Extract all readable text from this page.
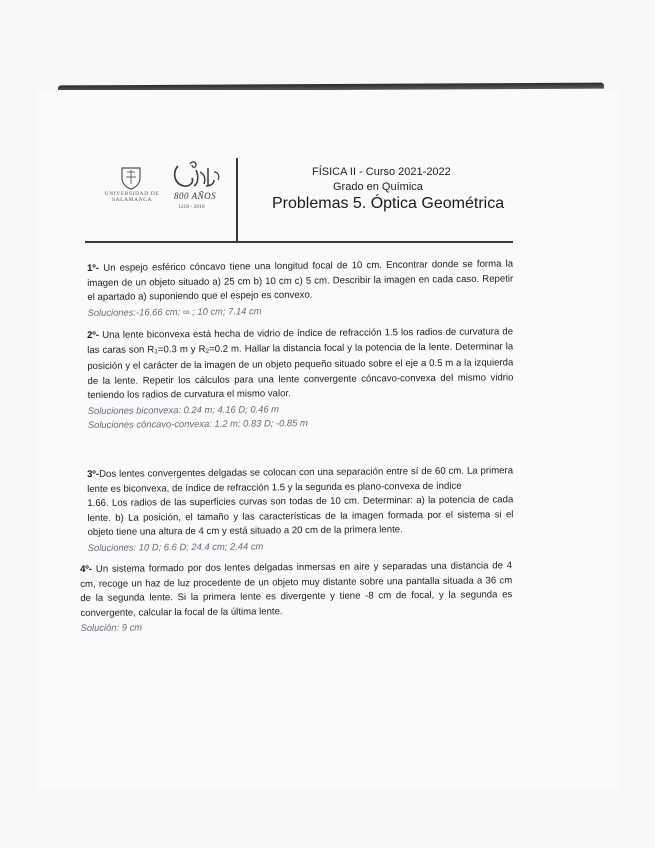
UNIVERSIDAD DE SALAMANCA	800 AÑOS
1218 - 2018
FÍSICA II - Curso 2021-2022
Grado en Química
Problemas 5. Óptica Geométrica

1º- Un espejo esférico cóncavo tiene una longitud focal de 10 cm. Encontrar donde se forma la imagen de un objeto situado a) 25 cm b) 10 cm c) 5 cm. Describir la imagen en cada caso. Repetir el apartado a) suponiendo que el espejo es convexo.

Soluciones:-16.66 cm; ∞ ; 10 cm; 7.14 cm

2º- Una lente biconvexa está hecha de vidrio de índice de refracción 1.5 los radios de curvatura de las caras son $R_1=0.3$ m y $R_2=0.2$ m. Hallar la distancia focal y la potencia de la lente. Determinar la posición y el carácter de la imagen de un objeto pequeño situado sobre el eje a 0.5 m a la izquierda de la lente. Repetir los cálculos para una lente convergente cóncavo-convexa del mismo vidrio teniendo los radios de curvatura el mismo valor.

Soluciones biconvexa: 0.24 m; 4.16 D; 0.46 m

Soluciones cóncavo-convexa: 1.2 m; 0.83 D; -0.85 m

3º-Dos lentes convergentes delgadas se colocan con una separación entre sí de 60 cm. La primera lente es biconvexa, de índice de refracción 1.5 y la segunda es plano-convexa de índice

1.66. Los radios de las superficies curvas son todas de 10 cm. Determinar: a) la potencia de cada lente. b) La posición, el tamaño y las características de la imagen formada por el sistema si el objeto tiene una altura de 4 cm y está situado a 20 cm de la primera lente.

Soluciones: 10 D; 6.6 D; 24.4 cm; 2.44 cm

4º- Un sistema formado por dos lentes delgadas inmersas en aire y separadas una distancia de 4 cm, recoge un haz de luz procedente de un objeto muy distante sobre una pantalla situada a 36 cm de la segunda lente. Si la primera lente es divergente y tiene -8 cm de focal, y la segunda es convergente, calcular la focal de la última lente.

Solución: 9 cm
